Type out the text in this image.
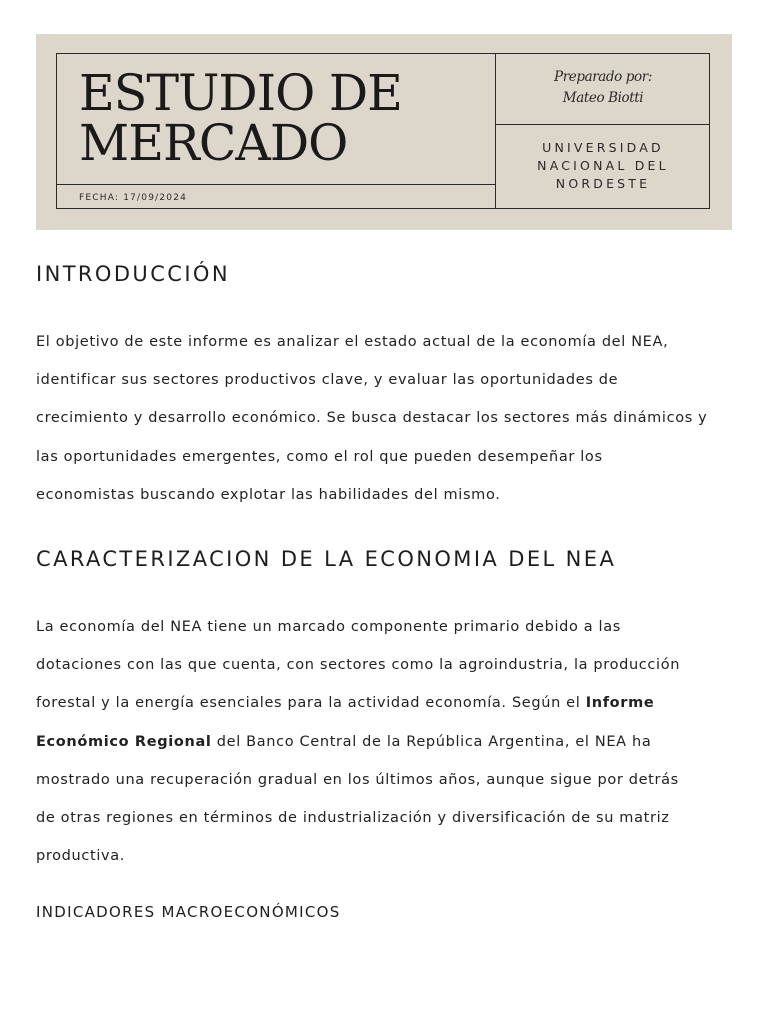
ESTUDIO DE
MERCADO
FECHA: 17/09/2024
Preparado por:
Mateo Biotti
UNIVERSIDAD
NACIONAL DEL
NORDESTE
INTRODUCCIÓN

El objetivo de este informe es analizar el estado actual de la economía del NEA,
identificar sus sectores productivos clave, y evaluar las oportunidades de
crecimiento y desarrollo económico. Se busca destacar los sectores más dinámicos y
las oportunidades emergentes, como el rol que pueden desempeñar los
economistas buscando explotar las habilidades del mismo.

CARACTERIZACION DE LA ECONOMIA DEL NEA

La economía del NEA tiene un marcado componente primario debido a las
dotaciones con las que cuenta, con sectores como la agroindustria, la producción
forestal y la energía esenciales para la actividad economía. Según el Informe
Económico Regional del Banco Central de la República Argentina, el NEA ha
mostrado una recuperación gradual en los últimos años, aunque sigue por detrás
de otras regiones en términos de industrialización y diversificación de su matriz
productiva.

INDICADORES MACROECONÓMICOS
